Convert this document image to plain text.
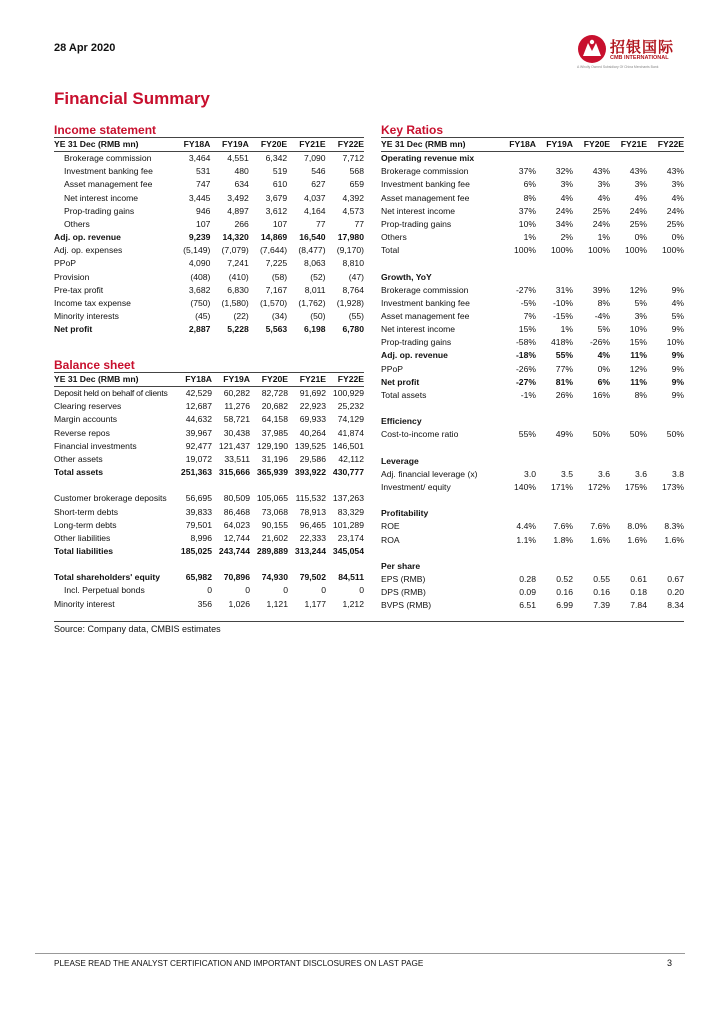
28 Apr 2020	招银国际
CMB INTERNATIONAL
A Wholly Owned Subsidiary Of China Merchants Bank
Financial Summary
Income statement
YE 31 Dec (RMB mn)	FY18A	FY19A	FY20E	FY21E	FY22E
Brokerage commission	3,464	4,551	6,342	7,090	7,712
Investment banking fee	531	480	519	546	568
Asset management fee	747	634	610	627	659
Net interest income	3,445	3,492	3,679	4,037	4,392
Prop-trading gains	946	4,897	3,612	4,164	4,573
Others	107	266	107	77	77
Adj. op. revenue	9,239	14,320	14,869	16,540	17,980
Adj. op. expenses	(5,149)	(7,079)	(7,644)	(8,477)	(9,170)
PPoP	4,090	7,241	7,225	8,063	8,810
Provision	(408)	(410)	(58)	(52)	(47)
Pre-tax profit	3,682	6,830	7,167	8,011	8,764
Income tax expense	(750)	(1,580)	(1,570)	(1,762)	(1,928)
Minority interests	(45)	(22)	(34)	(50)	(55)
Net profit	2,887	5,228	5,563	6,198	6,780
Balance sheet
YE 31 Dec (RMB mn)	FY18A	FY19A	FY20E	FY21E	FY22E
Deposit held on behalf of clients	42,529	60,282	82,728	91,692	100,929
Clearing reserves	12,687	11,276	20,682	22,923	25,232
Margin accounts	44,632	58,721	64,158	69,933	74,129
Reverse repos	39,967	30,438	37,985	40,264	41,874
Financial investments	92,477	121,437	129,190	139,525	146,501
Other assets	19,072	33,511	31,196	29,586	42,112
Total assets	251,363	315,666	365,939	393,922	430,777

Customer brokerage deposits	56,695	80,509	105,065	115,532	137,263
Short-term debts	39,833	86,468	73,068	78,913	83,329
Long-term debts	79,501	64,023	90,155	96,465	101,289
Other liabilities	8,996	12,744	21,602	22,333	23,174
Total liabilities	185,025	243,744	289,889	313,244	345,054

Total shareholders' equity	65,982	70,896	74,930	79,502	84,511
Incl. Perpetual bonds	0	0	0	0	0
Minority interest	356	1,026	1,121	1,177	1,212
Key Ratios
YE 31 Dec (RMB mn)	FY18A	FY19A	FY20E	FY21E	FY22E
Operating revenue mix					
Brokerage commission	37%	32%	43%	43%	43%
Investment banking fee	6%	3%	3%	3%	3%
Asset management fee	8%	4%	4%	4%	4%
Net interest income	37%	24%	25%	24%	24%
Prop-trading gains	10%	34%	24%	25%	25%
Others	1%	2%	1%	0%	0%
Total	100%	100%	100%	100%	100%

Growth, YoY					
Brokerage commission	-27%	31%	39%	12%	9%
Investment banking fee	-5%	-10%	8%	5%	4%
Asset management fee	7%	-15%	-4%	3%	5%
Net interest income	15%	1%	5%	10%	9%
Prop-trading gains	-58%	418%	-26%	15%	10%
Adj. op. revenue	-18%	55%	4%	11%	9%
PPoP	-26%	77%	0%	12%	9%
Net profit	-27%	81%	6%	11%	9%
Total assets	-1%	26%	16%	8%	9%

Efficiency					
Cost-to-income ratio	55%	49%	50%	50%	50%

Leverage					
Adj. financial leverage (x)	3.0	3.5	3.6	3.6	3.8
Investment/ equity	140%	171%	172%	175%	173%

Profitability					
ROE	4.4%	7.6%	7.6%	8.0%	8.3%
ROA	1.1%	1.8%	1.6%	1.6%	1.6%

Per share					
EPS (RMB)	0.28	0.52	0.55	0.61	0.67
DPS (RMB)	0.09	0.16	0.16	0.18	0.20
BVPS (RMB)	6.51	6.99	7.39	7.84	8.34
Source: Company data, CMBIS estimates
PLEASE READ THE ANALYST CERTIFICATION AND IMPORTANT DISCLOSURES ON LAST PAGE	3
